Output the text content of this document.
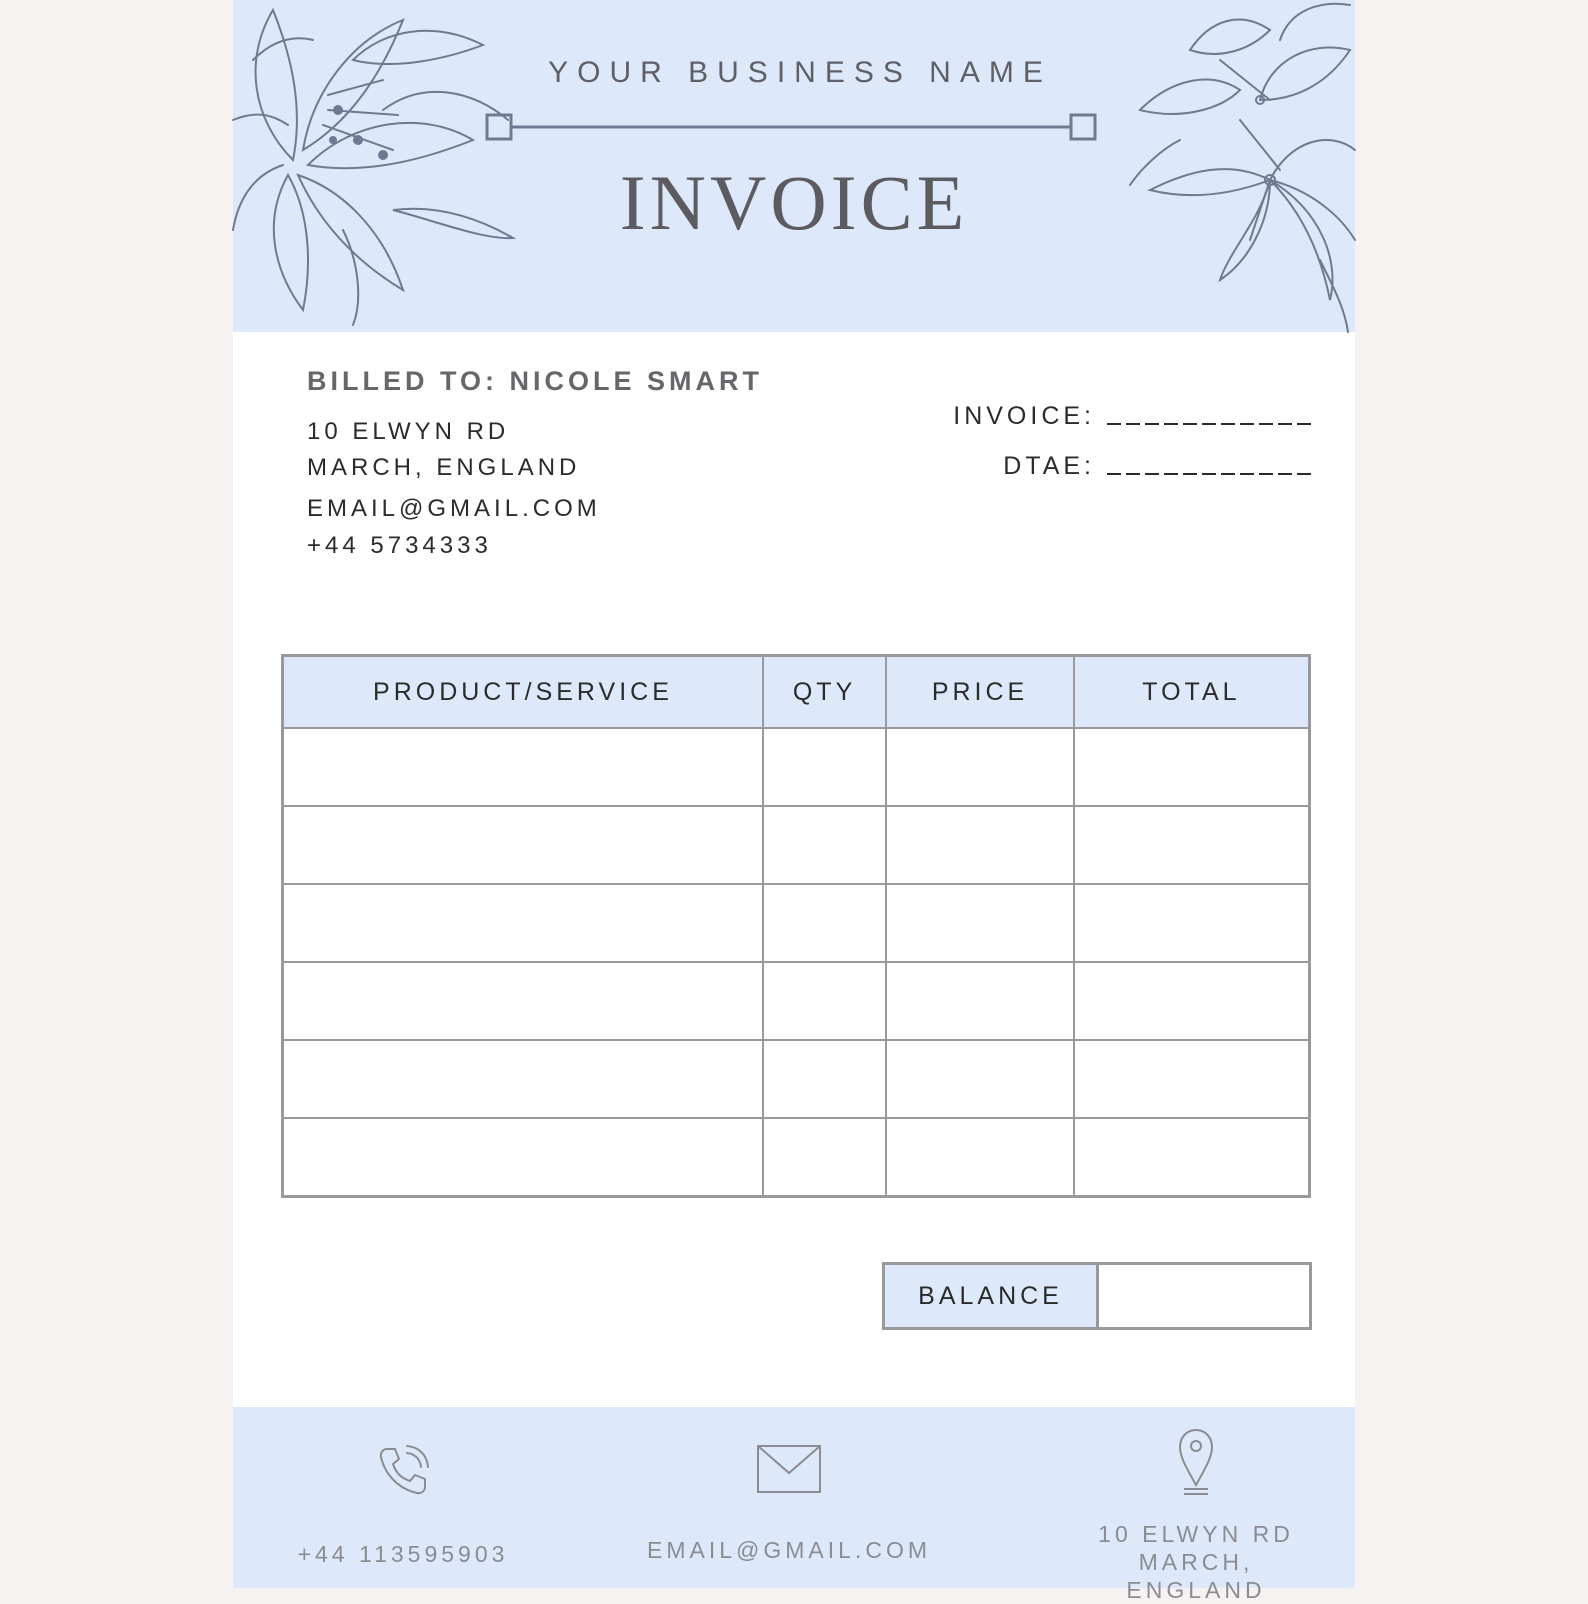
YOUR BUSINESS NAME
INVOICE
BILLED TO: NICOLE SMART
10 ELWYN RD
MARCH, ENGLAND
EMAIL@GMAIL.COM
+44 5734333
INVOICE:
DTAE:
PRODUCT/SERVICE	QTY	PRICE	TOTAL

BALANCE
+44 113595903	EMAIL@GMAIL.COM
10 ELWYN RD
MARCH, ENGLAND
